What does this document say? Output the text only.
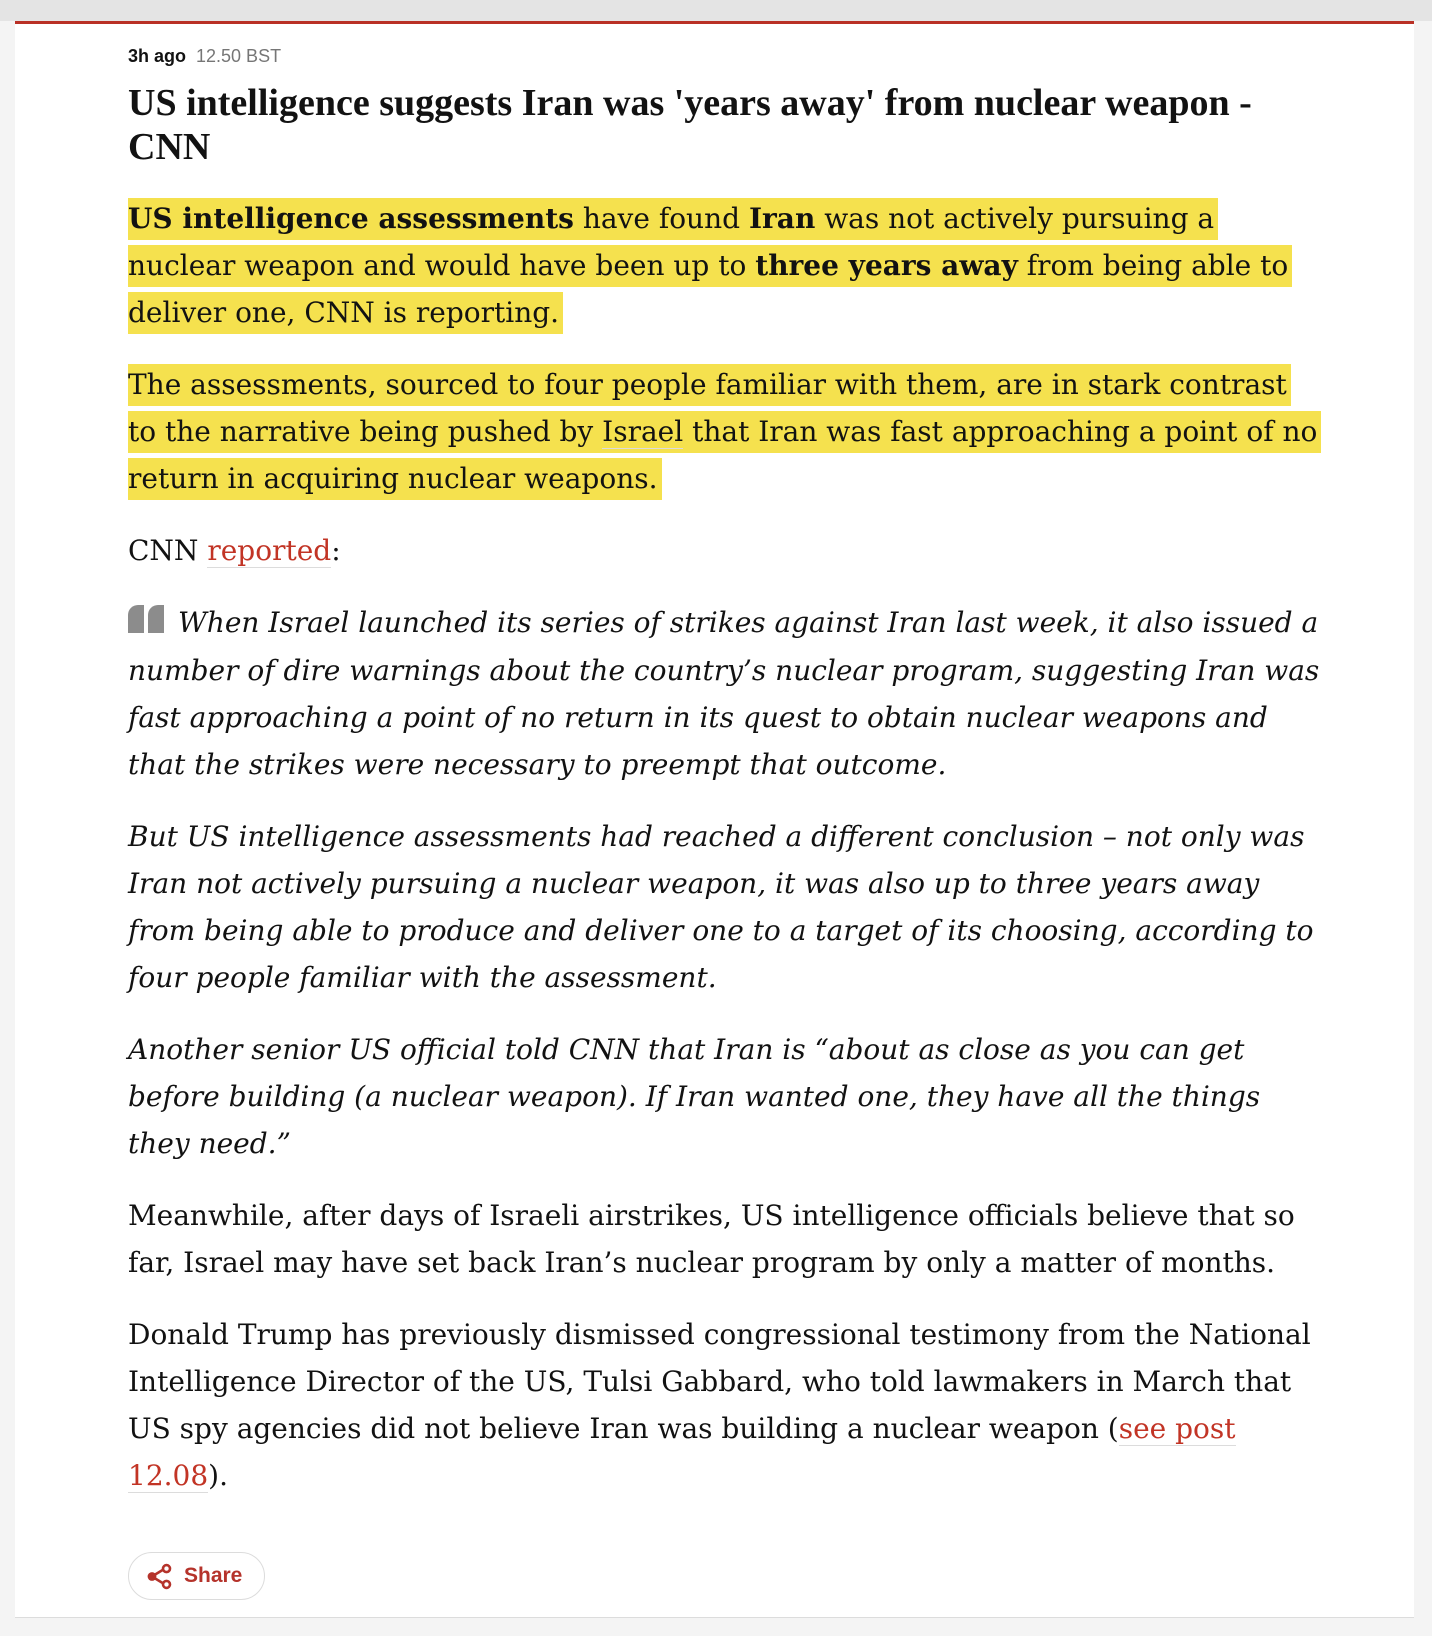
3h ago 12.50 BST
US intelligence suggests Iran was 'years away' from nuclear weapon - CNN

US intelligence assessments have found Iran was not actively pursuing a nuclear weapon and would have been up to three years away from being able to deliver one, CNN is reporting.

The assessments, sourced to four people familiar with them, are in stark contrast to the narrative being pushed by Israel that Iran was fast approaching a point of no return in acquiring nuclear weapons.

CNN reported:

When Israel launched its series of strikes against Iran last week, it also issued a number of dire warnings about the country’s nuclear program, suggesting Iran was fast approaching a point of no return in its quest to obtain nuclear weapons and that the strikes were necessary to preempt that outcome.

But US intelligence assessments had reached a different conclusion – not only was Iran not actively pursuing a nuclear weapon, it was also up to three years away from being able to produce and deliver one to a target of its choosing, according to four people familiar with the assessment.

Another senior US official told CNN that Iran is “about as close as you can get before building (a nuclear weapon). If Iran wanted one, they have all the things they need.”

Meanwhile, after days of Israeli airstrikes, US intelligence officials believe that so far, Israel may have set back Iran’s nuclear program by only a matter of months.

Donald Trump has previously dismissed congressional testimony from the National Intelligence Director of the US, Tulsi Gabbard, who told lawmakers in March that US spy agencies did not believe Iran was building a nuclear weapon (see post 12.08).

Share
